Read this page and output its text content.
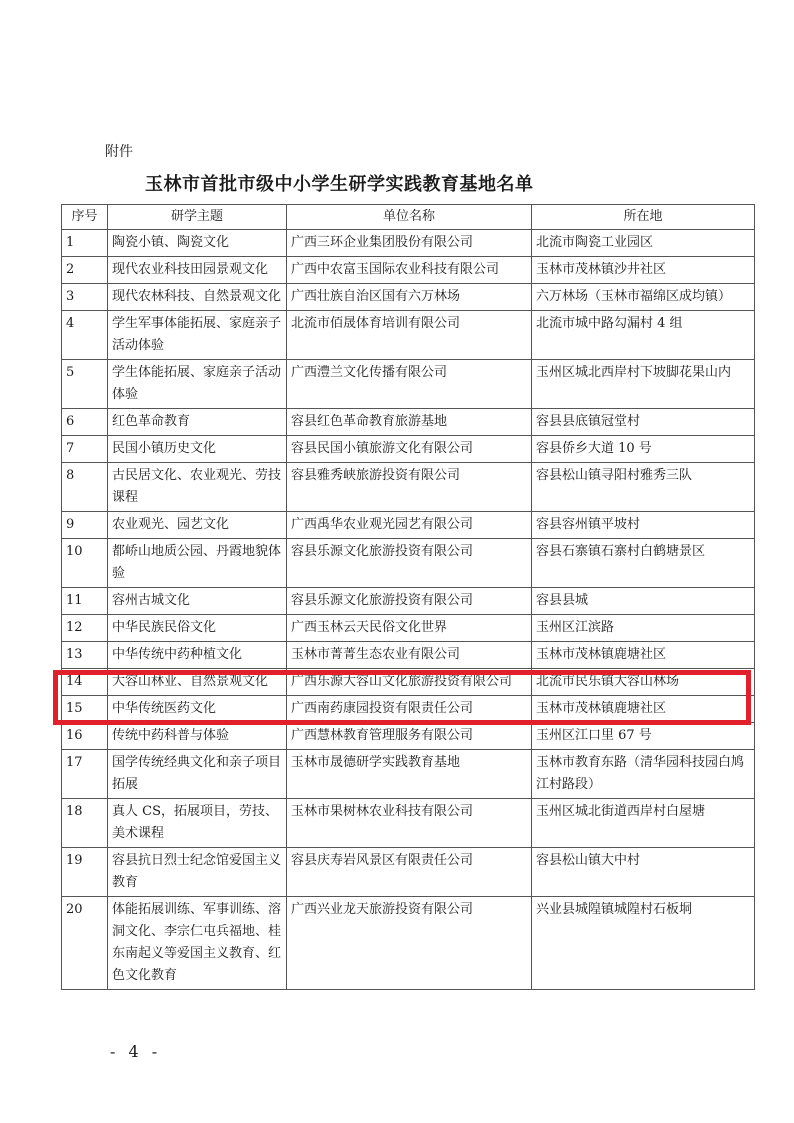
附件
玉林市首批市级中小学生研学实践教育基地名单
序号	研学主题	单位名称	所在地
1	陶瓷小镇、陶瓷文化	广西三环企业集团股份有限公司	北流市陶瓷工业园区
2	现代农业科技田园景观文化	广西中农富玉国际农业科技有限公司	玉林市茂林镇沙井社区
3	现代农林科技、自然景观文化	广西壮族自治区国有六万林场	六万林场（玉林市福绵区成均镇）
4	学生军事体能拓展、家庭亲子活动体验	北流市佰晟体育培训有限公司	北流市城中路勾漏村 4 组
5	学生体能拓展、家庭亲子活动体验	广西澧兰文化传播有限公司	玉州区城北西岸村下坡脚花果山内
6	红色革命教育	容县红色革命教育旅游基地	容县县底镇冠堂村
7	民国小镇历史文化	容县民国小镇旅游文化有限公司	容县侨乡大道 10 号
8	古民居文化、农业观光、劳技课程	容县雅秀峡旅游投资有限公司	容县松山镇寻阳村雅秀三队
9	农业观光、园艺文化	广西禹华农业观光园艺有限公司	容县容州镇平坡村
10	都峤山地质公园、丹霞地貌体验	容县乐源文化旅游投资有限公司	容县石寨镇石寨村白鹤塘景区
11	容州古城文化	容县乐源文化旅游投资有限公司	容县县城
12	中华民族民俗文化	广西玉林云天民俗文化世界	玉州区江滨路
13	中华传统中药种植文化	玉林市菁菁生态农业有限公司	玉林市茂林镇鹿塘社区
14	大容山林业、自然景观文化	广西乐源大容山文化旅游投资有限公司	北流市民乐镇大容山林场
15	中华传统医药文化	广西南药康园投资有限责任公司	玉林市茂林镇鹿塘社区
16	传统中药科普与体验	广西慧林教育管理服务有限公司	玉州区江口里 67 号
17	国学传统经典文化和亲子项目拓展	玉林市晟德研学实践教育基地	玉林市教育东路（清华园科技园白鸠江村路段）
18	真人 CS，拓展项目，劳技、美术课程	玉林市果树林农业科技有限公司	玉州区城北街道西岸村白屋塘
19	容县抗日烈士纪念馆爱国主义教育	容县庆寿岩风景区有限责任公司	容县松山镇大中村
20	体能拓展训练、军事训练、溶洞文化、李宗仁屯兵福地、桂东南起义等爱国主义教育、红色文化教育	广西兴业龙天旅游投资有限公司	兴业县城隍镇城隍村石板垌
- 4 -
